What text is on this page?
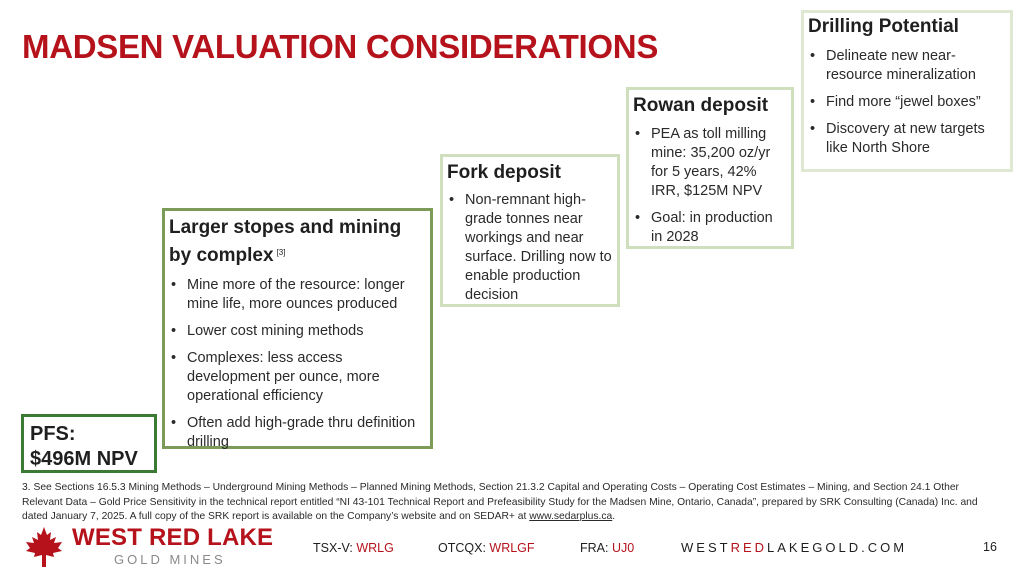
MADSEN VALUATION CONSIDERATIONS
Drilling Potential
• Delineate new near-resource mineralization
• Find more “jewel boxes”
• Discovery at new targets like North Shore
Rowan deposit
• PEA as toll milling mine: 35,200 oz/yr for 5 years, 42% IRR, $125M NPV
• Goal: in production in 2028
Fork deposit
• Non-remnant high-grade tonnes near workings and near surface. Drilling now to enable production decision
Larger stopes and mining by complex [3]
• Mine more of the resource: longer mine life, more ounces produced
• Lower cost mining methods
• Complexes: less access development per ounce, more operational efficiency
• Often add high-grade thru definition drilling
PFS:
$496M NPV
3. See Sections 16.5.3 Mining Methods – Underground Mining Methods – Planned Mining Methods, Section 21.3.2 Capital and Operating Costs – Operating Cost Estimates – Mining, and Section 24.1 Other Relevant Data – Gold Price Sensitivity in the technical report entitled “NI 43-101 Technical Report and Prefeasibility Study for the Madsen Mine, Ontario, Canada”, prepared by SRK Consulting (Canada) Inc. and dated January 7, 2025. A full copy of the SRK report is available on the Company’s website and on SEDAR+ at www.sedarplus.ca.
WEST RED LAKE
GOLD MINES
TSX-V: WRLG	OTCQX: WRLGF	FRA: UJ0	WESTREDLAKEGOLD.COM	16
